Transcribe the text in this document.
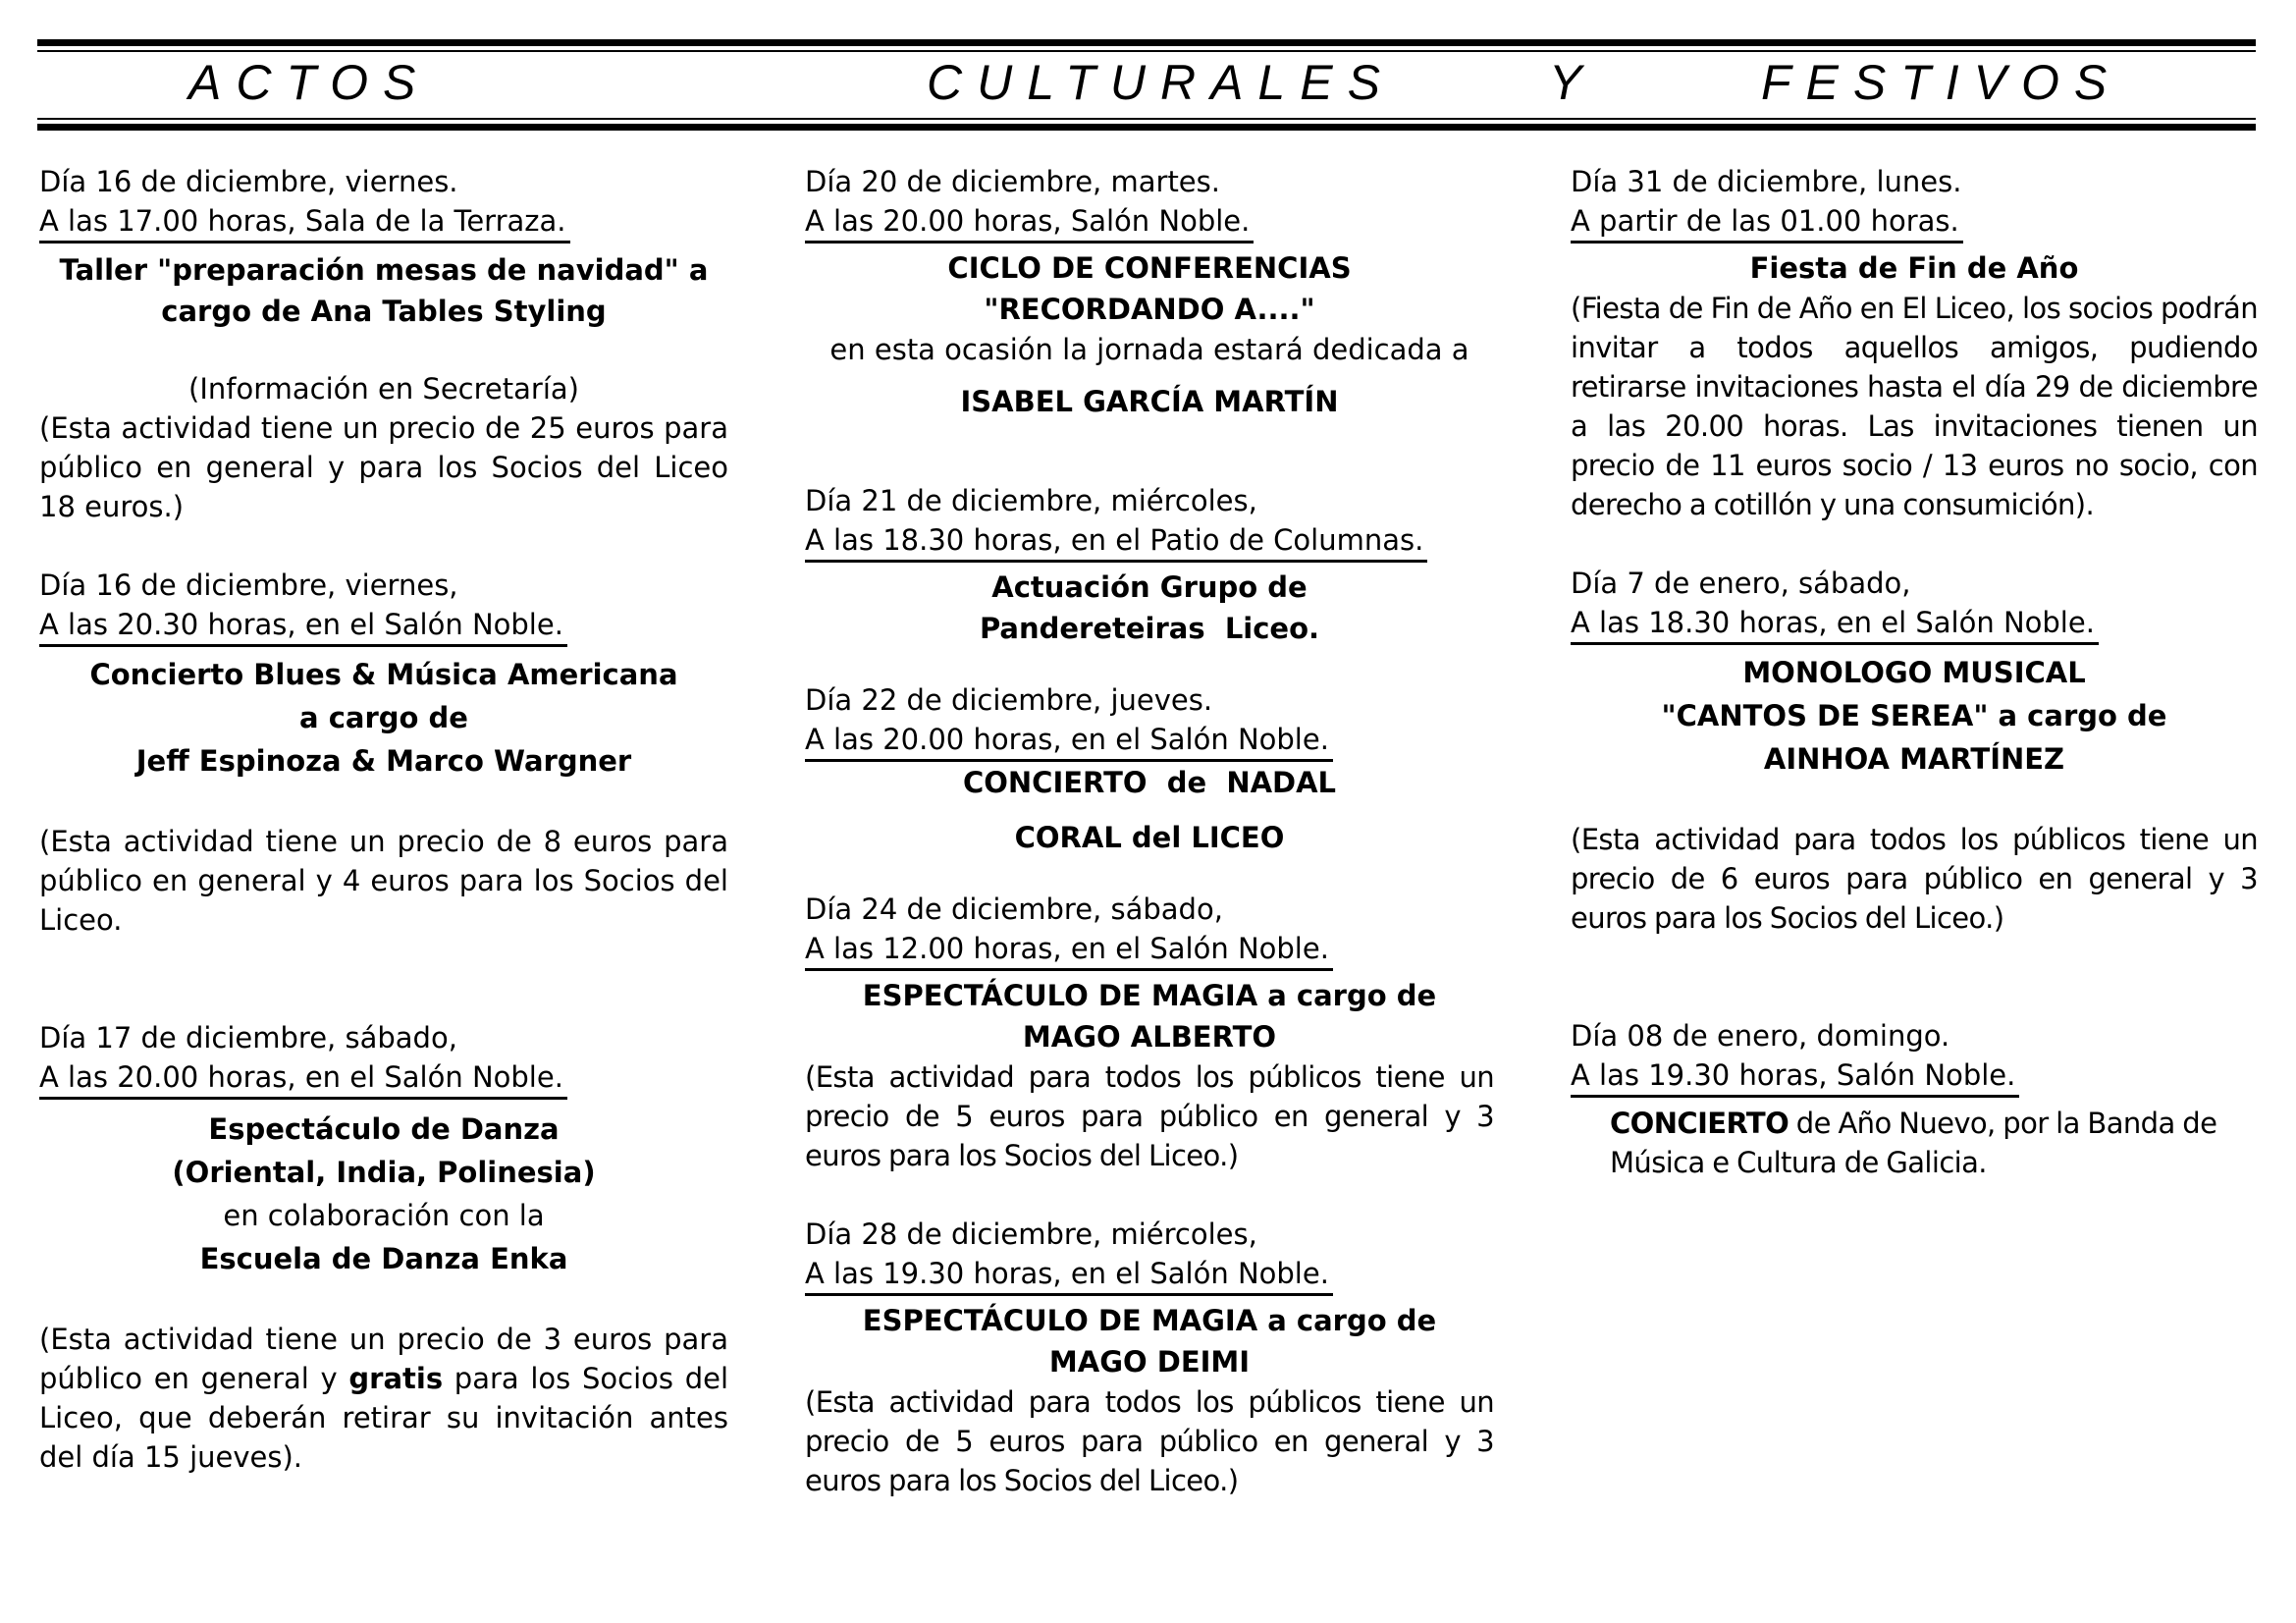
ACTOS	CULTURALES	Y	FESTIVOS

Día 16 de diciembre, viernes.

A las 17.00 horas, Sala de la Terraza.

Taller "preparación mesas de navidad" a

cargo de Ana Tables Styling

(Información en Secretaría)

(Esta actividad tiene un precio de 25 euros para público en general y para los Socios del Liceo 18 euros.)

Día 16 de diciembre, viernes,

A las 20.30 horas, en el Salón Noble.

Concierto Blues & Música Americana

a cargo de

Jeff Espinoza & Marco Wargner

(Esta actividad tiene un precio de 8 euros para público en general y 4 euros para los Socios del Liceo.

Día 17 de diciembre, sábado,

A las 20.00 horas, en el Salón Noble.

Espectáculo de Danza

(Oriental, India, Polinesia)

en colaboración con la

Escuela de Danza Enka

(Esta actividad tiene un precio de 3 euros para público en general y gratis para los Socios del Liceo, que deberán retirar su invitación antes del día 15 jueves).

Día 20 de diciembre, martes.

A las 20.00 horas, Salón Noble.

CICLO DE CONFERENCIAS

"RECORDANDO A...."

en esta ocasión la jornada estará dedicada a

ISABEL GARCÍA MARTÍN

Día 21 de diciembre, miércoles,

A las 18.30 horas, en el Patio de Columnas.

Actuación Grupo de

Pandereteiras  Liceo.

Día 22 de diciembre, jueves.

A las 20.00 horas, en el Salón Noble.

CONCIERTO  de  NADAL

CORAL del LICEO

Día 24 de diciembre, sábado,

A las 12.00 horas, en el Salón Noble.

ESPECTÁCULO DE MAGIA a cargo de

MAGO ALBERTO

(Esta actividad para todos los públicos tiene un precio de 5 euros para público en general y 3 euros para los Socios del Liceo.)

Día 28 de diciembre, miércoles,

A las 19.30 horas, en el Salón Noble.

ESPECTÁCULO DE MAGIA a cargo de

MAGO DEIMI

(Esta actividad para todos los públicos tiene un precio de 5 euros para público en general y 3 euros para los Socios del Liceo.)

Día 31 de diciembre, lunes.

A partir de las 01.00 horas.

Fiesta de Fin de Año

(Fiesta de Fin de Año en El Liceo, los socios podrán invitar a todos aquellos amigos, pudiendo retirarse invitaciones hasta el día 29 de diciembre a las 20.00 horas. Las invitaciones tienen un precio de 11 euros socio / 13 euros no socio, con derecho a cotillón y una consumición).

Día 7 de enero, sábado,

A las 18.30 horas, en el Salón Noble.

MONOLOGO MUSICAL

"CANTOS DE SEREA" a cargo de

AINHOA MARTÍNEZ

(Esta actividad para todos los públicos tiene un precio de 6 euros para público en general y 3 euros para los Socios del Liceo.)

Día 08 de enero, domingo.

A las 19.30 horas, Salón Noble.

CONCIERTO de Año Nuevo, por la Banda de Música e Cultura de Galicia.
